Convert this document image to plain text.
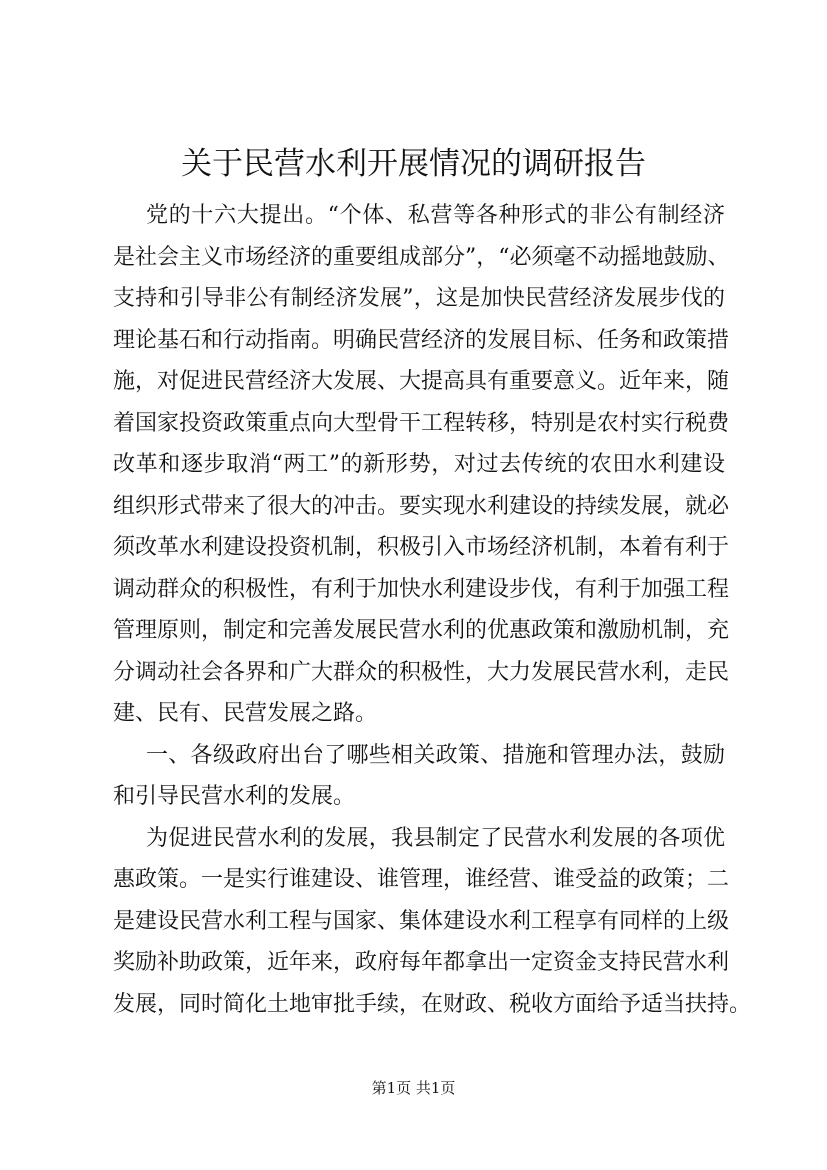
关于民营水利开展情况的调研报告
党的十六大提出。“个体、私营等各种形式的非公有制经济
是社会主义市场经济的重要组成部分”，“必须毫不动摇地鼓励、
支持和引导非公有制经济发展”，这是加快民营经济发展步伐的
理论基石和行动指南。明确民营经济的发展目标、任务和政策措
施，对促进民营经济大发展、大提高具有重要意义。近年来，随
着国家投资政策重点向大型骨干工程转移，特别是农村实行税费
改革和逐步取消“两工”的新形势，对过去传统的农田水利建设
组织形式带来了很大的冲击。要实现水利建设的持续发展，就必
须改革水利建设投资机制，积极引入市场经济机制，本着有利于
调动群众的积极性，有利于加快水利建设步伐，有利于加强工程
管理原则，制定和完善发展民营水利的优惠政策和激励机制，充
分调动社会各界和广大群众的积极性，大力发展民营水利，走民
建、民有、民营发展之路。
一、各级政府出台了哪些相关政策、措施和管理办法，鼓励
和引导民营水利的发展。
为促进民营水利的发展，我县制定了民营水利发展的各项优
惠政策。一是实行谁建设、谁管理，谁经营、谁受益的政策；二
是建设民营水利工程与国家、集体建设水利工程享有同样的上级
奖励补助政策，近年来，政府每年都拿出一定资金支持民营水利
发展，同时简化土地审批手续，在财政、税收方面给予适当扶持。
第1页 共1页
